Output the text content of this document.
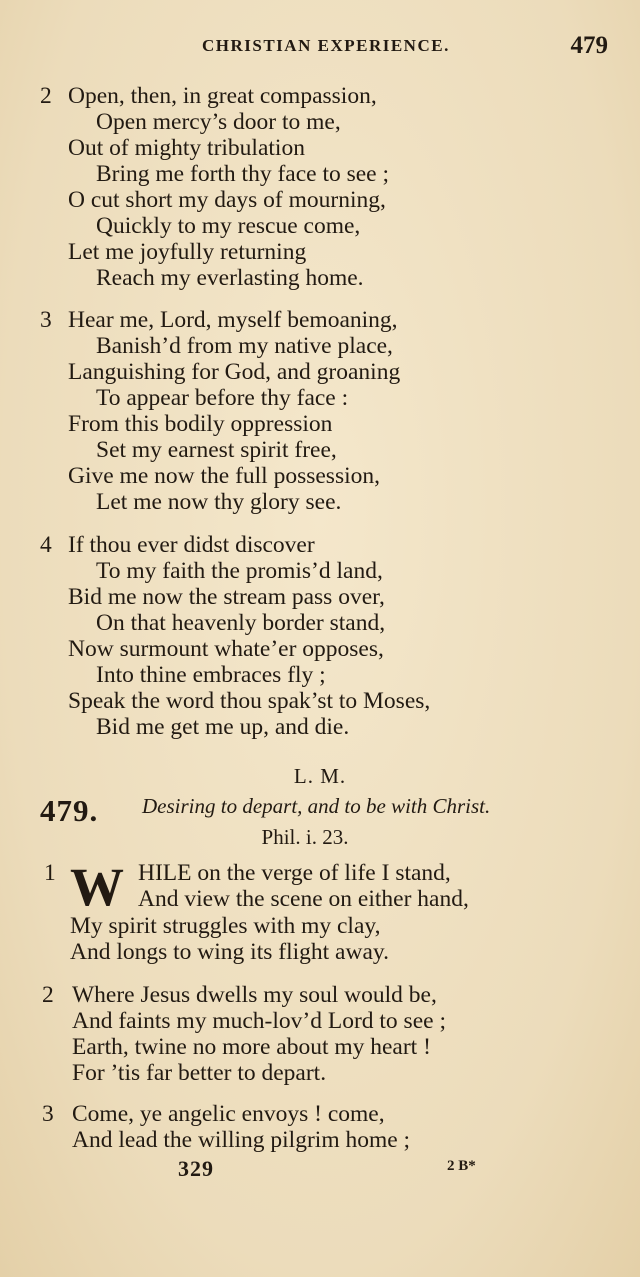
CHRISTIAN EXPERIENCE.	479
2 Open, then, in great compassion,
Open mercy’s door to me,
Out of mighty tribulation
Bring me forth thy face to see ;
O cut short my days of mourning,
Quickly to my rescue come,
Let me joyfully returning
Reach my everlasting home.
3 Hear me, Lord, myself bemoaning,
Banish’d from my native place,
Languishing for God, and groaning
To appear before thy face :
From this bodily oppression
Set my earnest spirit free,
Give me now the full possession,
Let me now thy glory see.
4 If thou ever didst discover
To my faith the promis’d land,
Bid me now the stream pass over,
On that heavenly border stand,
Now surmount whate’er opposes,
Into thine embraces fly ;
Speak the word thou spak’st to Moses,
Bid me get me up, and die.
L. M.
479. Desiring to depart, and to be with Christ.
Phil. i. 23.
1 W HILE on the verge of life I stand,
And view the scene on either hand,
My spirit struggles with my clay,
And longs to wing its flight away.
2 Where Jesus dwells my soul would be,
And faints my much-lov’d Lord to see ;
Earth, twine no more about my heart !
For ’tis far better to depart.
3 Come, ye angelic envoys ! come,
And lead the willing pilgrim home ;
329	2 B*
